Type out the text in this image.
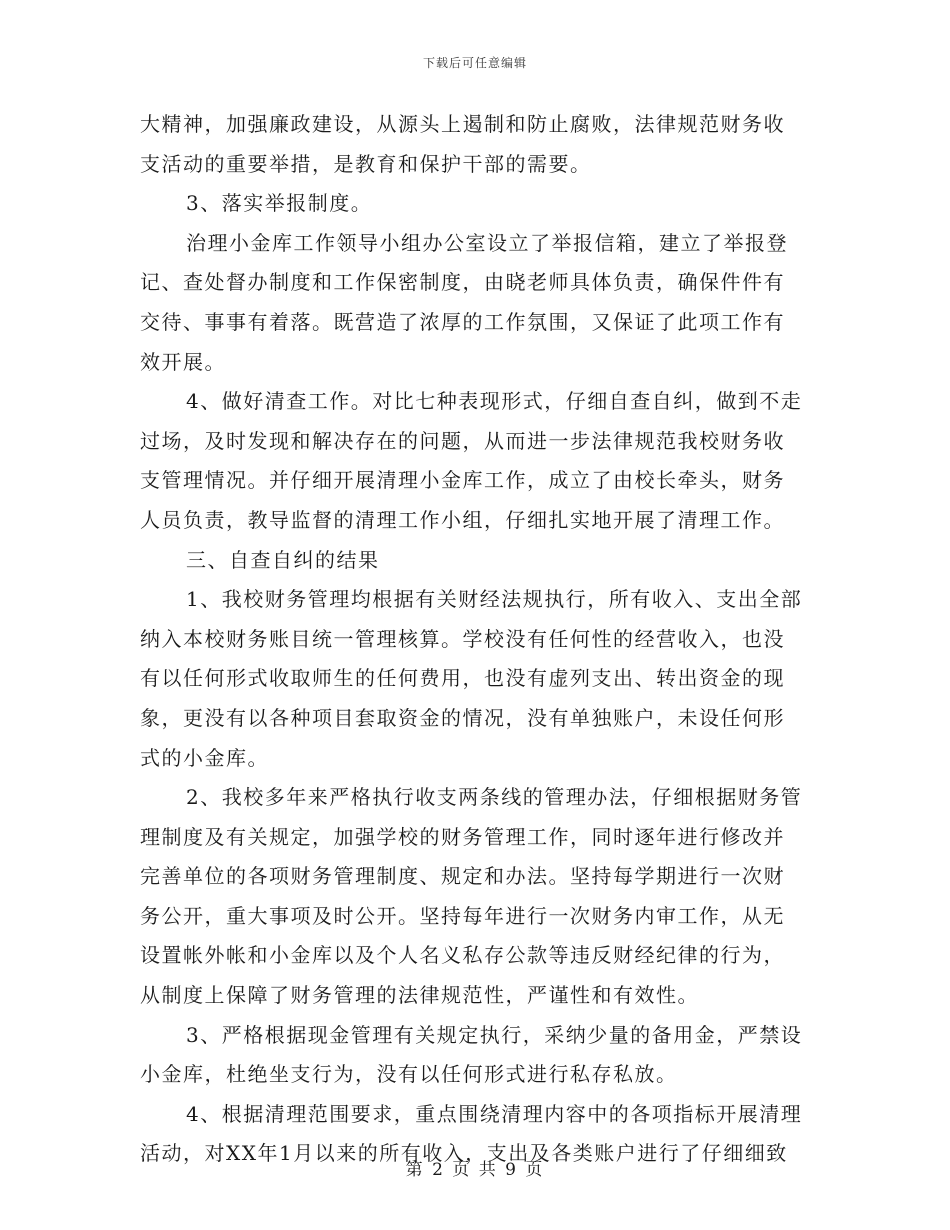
下载后可任意编辑
大精神，加强廉政建设，从源头上遏制和防止腐败，法律规范财务收
支活动的重要举措，是教育和保护干部的需要。
3、落实举报制度。
治理小金库工作领导小组办公室设立了举报信箱，建立了举报登
记、查处督办制度和工作保密制度，由晓老师具体负责，确保件件有
交待、事事有着落。既营造了浓厚的工作氛围，又保证了此项工作有
效开展。
4、做好清查工作。对比七种表现形式，仔细自查自纠，做到不走
过场，及时发现和解决存在的问题，从而进一步法律规范我校财务收
支管理情况。并仔细开展清理小金库工作，成立了由校长牵头，财务
人员负责，教导监督的清理工作小组，仔细扎实地开展了清理工作。
三、自查自纠的结果
1、我校财务管理均根据有关财经法规执行，所有收入、支出全部
纳入本校财务账目统一管理核算。学校没有任何性的经营收入，也没
有以任何形式收取师生的任何费用，也没有虚列支出、转出资金的现
象，更没有以各种项目套取资金的情况，没有单独账户，未设任何形
式的小金库。
2、我校多年来严格执行收支两条线的管理办法，仔细根据财务管
理制度及有关规定，加强学校的财务管理工作，同时逐年进行修改并
完善单位的各项财务管理制度、规定和办法。坚持每学期进行一次财
务公开，重大事项及时公开。坚持每年进行一次财务内审工作，从无
设置帐外帐和小金库以及个人名义私存公款等违反财经纪律的行为，
从制度上保障了财务管理的法律规范性，严谨性和有效性。
3、严格根据现金管理有关规定执行，采纳少量的备用金，严禁设
小金库，杜绝坐支行为，没有以任何形式进行私存私放。
4、根据清理范围要求，重点围绕清理内容中的各项指标开展清理
活动，对XX年1月以来的所有收入，支出及各类账户进行了仔细细致
第 2 页 共 9 页
